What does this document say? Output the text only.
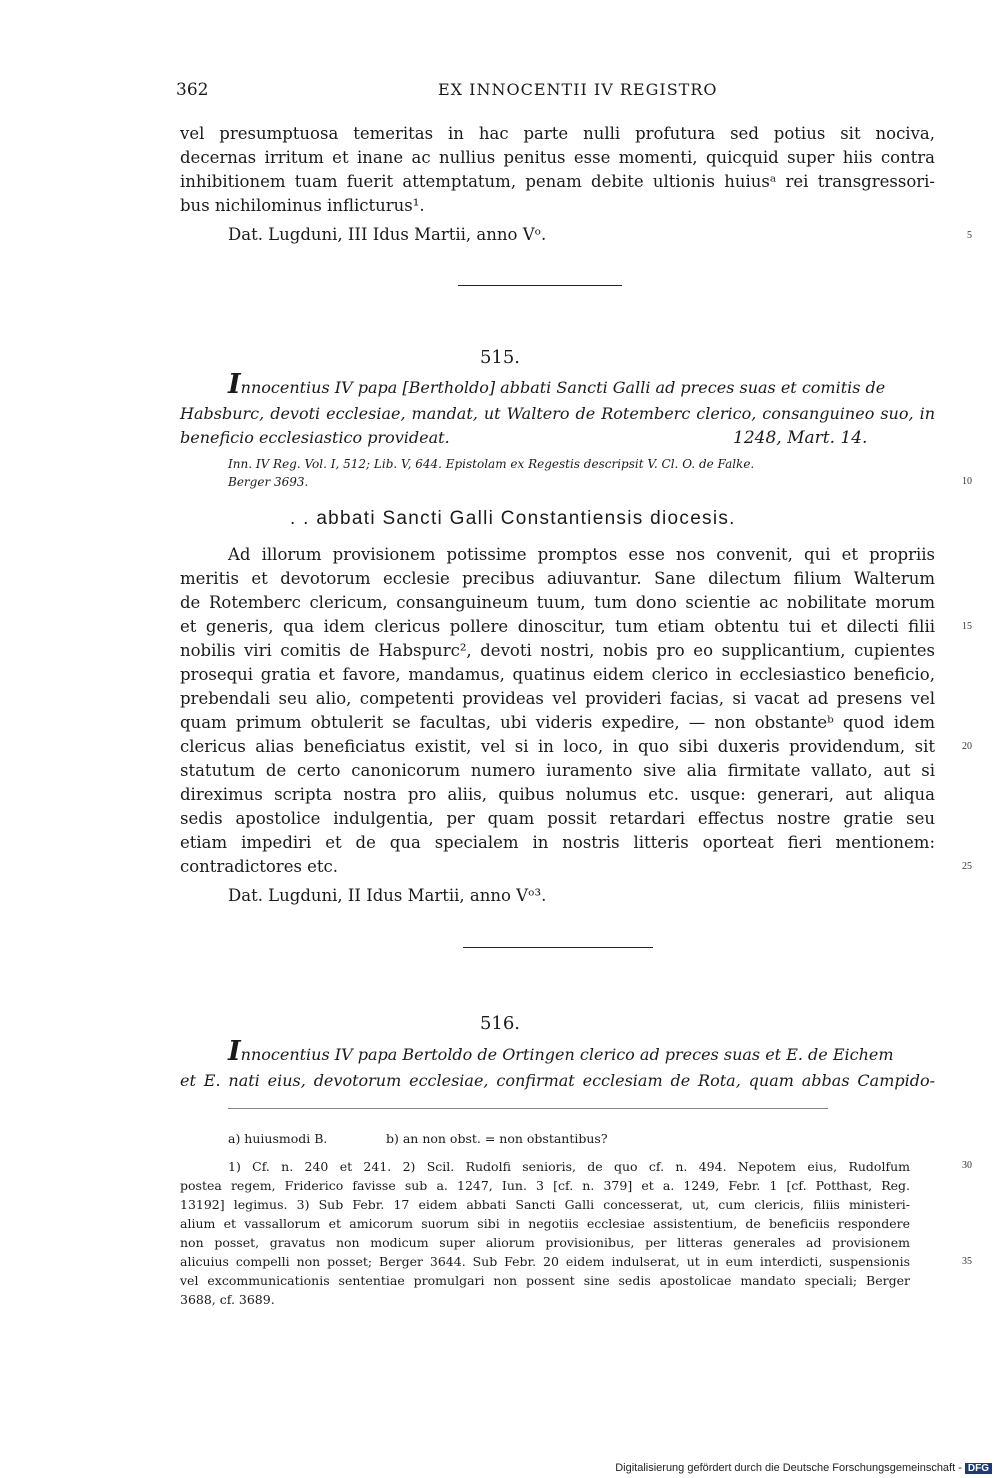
362	EX INNOCENTII IV REGISTRO
vel presumptuosa temeritas in hac parte nulli profutura sed potius sit nociva,
decernas irritum et inane ac nullius penitus esse momenti, quicquid super hiis contra
inhibitionem tuam fuerit attemptatum, penam debite ultionis huiusᵃ rei transgressori-
bus nichilominus inflicturus¹.
Dat. Lugduni, III Idus Martii, anno Vᵒ.	5
515.
Innocentius IV papa [Bertholdo] abbati Sancti Galli ad preces suas et comitis de
Habsburc, devoti ecclesiae, mandat, ut Waltero de Rotemberc clerico, consanguineo suo, in
beneficio ecclesiastico provideat.	1248, Mart. 14.
Inn. IV Reg. Vol. I, 512; Lib. V, 644. Epistolam ex Regestis descripsit V. Cl. O. de Falke.
Berger 3693.	10
. . abbati Sancti Galli Constantiensis diocesis.
Ad illorum provisionem potissime promptos esse nos convenit, qui et propriis
meritis et devotorum ecclesie precibus adiuvantur. Sane dilectum filium Walterum
de Rotemberc clericum, consanguineum tuum, tum dono scientie ac nobilitate morum
et generis, qua idem clericus pollere dinoscitur, tum etiam obtentu tui et dilecti filii	15
nobilis viri comitis de Habspurc², devoti nostri, nobis pro eo supplicantium, cupientes
prosequi gratia et favore, mandamus, quatinus eidem clerico in ecclesiastico beneficio,
prebendali seu alio, competenti provideas vel provideri facias, si vacat ad presens vel
quam primum obtulerit se facultas, ubi videris expedire, — non obstanteᵇ quod idem
clericus alias beneficiatus existit, vel si in loco, in quo sibi duxeris providendum, sit	20
statutum de certo canonicorum numero iuramento sive alia firmitate vallato, aut si
direximus scripta nostra pro aliis, quibus nolumus etc. usque: generari, aut aliqua
sedis apostolice indulgentia, per quam possit retardari effectus nostre gratie seu
etiam impediri et de qua specialem in nostris litteris oporteat fieri mentionem:
contradictores etc.	25
Dat. Lugduni, II Idus Martii, anno Vᵒ³.
516.
Innocentius IV papa Bertoldo de Ortingen clerico ad preces suas et E. de Eichem
et E. nati eius, devotorum ecclesiae, confirmat ecclesiam de Rota, quam abbas Campido-
a) huiusmodi B.	b) an non obst. = non obstantibus?
1) Cf. n. 240 et 241. 2) Scil. Rudolfi senioris, de quo cf. n. 494. Nepotem eius, Rudolfum	30
postea regem, Friderico favisse sub a. 1247, Iun. 3 [cf. n. 379] et a. 1249, Febr. 1 [cf. Potthast, Reg.
13192] legimus. 3) Sub Febr. 17 eidem abbati Sancti Galli concesserat, ut, cum clericis, filiis ministeri-
alium et vassallorum et amicorum suorum sibi in negotiis ecclesiae assistentium, de beneficiis respondere
non posset, gravatus non modicum super aliorum provisionibus, per litteras generales ad provisionem
alicuius compelli non posset; Berger 3644. Sub Febr. 20 eidem indulserat, ut in eum interdicti, suspensionis	35
vel excommunicationis sententiae promulgari non possent sine sedis apostolicae mandato speciali; Berger
3688, cf. 3689.
Digitalisierung gefördert durch die Deutsche Forschungsgemeinschaft - DFG
